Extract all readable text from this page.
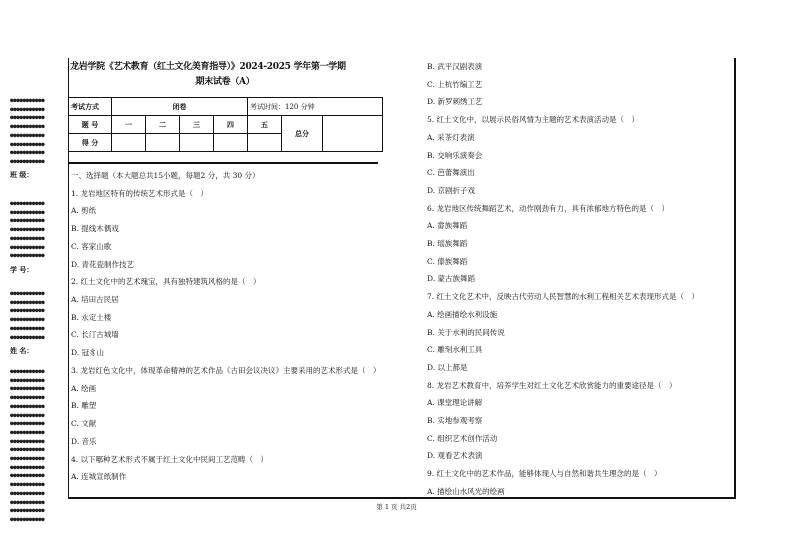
●●●●●●●●●●●
●●●●●●●●●●●
●●●●●●●●●●●
●●●●●●●●●●●
●●●●●●●●●●●
●●●●●●●●●●●
●●●●●●●●●●●
●●●●●●●●●●●
班 级：
●●●●●●●●●●●
●●●●●●●●●●●
●●●●●●●●●●●
●●●●●●●●●●●
●●●●●●●●●●●
●●●●●●●●●●●
●●●●●●●●●●●
学 号：
●●●●●●●●●●●
●●●●●●●●●●●
●●●●●●●●●●●
●●●●●●●●●●●
●●●●●●●●●●●
●●●●●●●●●●●
姓 名：
●●●●●●●●●●●
●●●●●●●●●●●
●●●●●●●●●●●
●●●●●●●●●●●
●●●●●●●●●●●
●●●●●●●●●●●
●●●●●●●●●●●
●●●●●●●●●●●
●●●●●●●●●●●
●●●●●●●●●●●
●●●●●●●●●●●
●●●●●●●●●●●
●●●●●●●●●●●
●●●●●●●●●●●
●●●●●●●●●●●
●●●●●●●●●●●
●●●●●●●●●●●
●●●●●●●●●●●
龙岩学院《艺术教育（红土文化美育指导）》2024-2025 学年第一学期
期末试卷（A）
考试方式	闭卷				考试时间：120 分钟		
题 号	一	二	三	四	五	总分	
得 分							
一、选择题（本大题总共15小题，每题2 分，共 30 分）
1. 龙岩地区特有的传统艺术形式是（　）
A. 剪纸
B. 提线木偶戏
C. 客家山歌
D. 青花瓷制作技艺
2. 红土文化中的艺术瑰宝，具有独特建筑风格的是（　）
A. 培田古民居
B. 永定土楼
C. 长汀古城墙
D. 冠豸山
3. 龙岩红色文化中，体现革命精神的艺术作品《古田会议决议》主要采用的艺术形式是（　）
A. 绘画
B. 雕塑
C. 文献
D. 音乐
4. 以下哪种艺术形式不属于红土文化中民间工艺范畴（　）
A. 连城宣纸制作
B. 武平汉剧表演
C. 上杭竹编工艺
D. 新罗刺绣工艺
5. 红土文化中，以展示民俗风情为主题的艺术表演活动是（　）
A. 采茶灯表演
B. 交响乐演奏会
C. 芭蕾舞演出
D. 京剧折子戏
6. 龙岩地区传统舞蹈艺术，动作刚劲有力，具有浓郁地方特色的是（　）
A. 畲族舞蹈
B. 瑶族舞蹈
C. 傣族舞蹈
D. 蒙古族舞蹈
7. 红土文化艺术中，反映古代劳动人民智慧的水利工程相关艺术表现形式是（　）
A. 绘画描绘水利设施
B. 关于水利的民间传说
C. 雕刻水利工具
D. 以上都是
8. 龙岩艺术教育中，培养学生对红土文化艺术欣赏能力的重要途径是（　）
A. 课堂理论讲解
B. 实地参观考察
C. 组织艺术创作活动
D. 观看艺术表演
9. 红土文化中的艺术作品，能够体现人与自然和谐共生理念的是（　）
A. 描绘山水风光的绘画
第 1 页 共2页
